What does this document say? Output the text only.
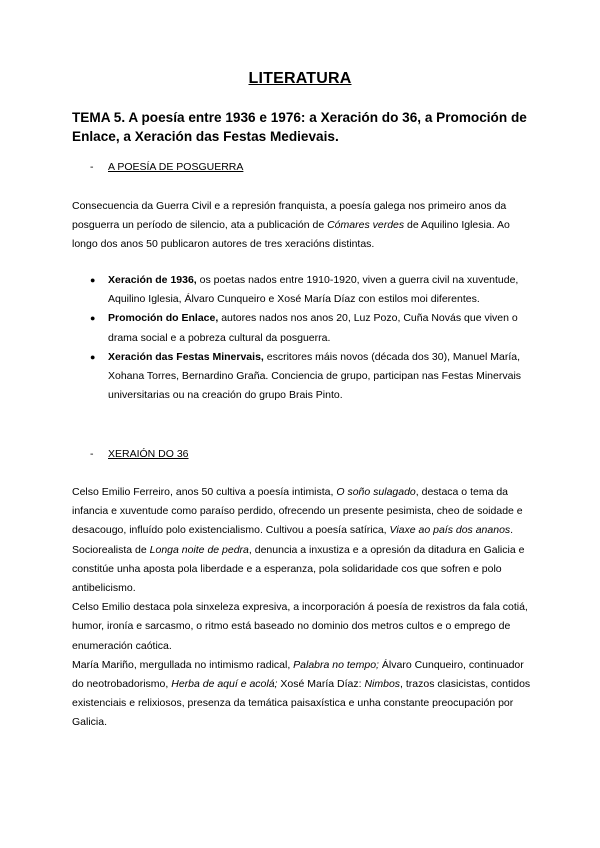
LITERATURA
TEMA 5. A poesía entre 1936 e 1976: a Xeración do 36, a Promoción de Enlace, a Xeración das Festas Medievais.
- A POESÍA DE POSGUERRA
Consecuencia da Guerra Civil e a represión franquista, a poesía galega nos primeiro anos da posguerra un período de silencio, ata a publicación de Cómares verdes de Aquilino Iglesia. Ao longo dos anos 50 publicaron autores de tres xeracións distintas.
● Xeración de 1936, os poetas nados entre 1910-1920, viven a guerra civil na xuventude, Aquilino Iglesia, Álvaro Cunqueiro e Xosé María Díaz con estilos moi diferentes.
● Promoción do Enlace, autores nados nos anos 20, Luz Pozo, Cuña Novás que viven o drama social e a pobreza cultural da posguerra.
● Xeración das Festas Minervais, escritores máis novos (década dos 30), Manuel María, Xohana Torres, Bernardino Graña. Conciencia de grupo, participan nas Festas Minervais universitarias ou na creación do grupo Brais Pinto.
- XERAIÓN DO 36
Celso Emilio Ferreiro, anos 50 cultiva a poesía intimista, O soño sulagado, destaca o tema da infancia e xuventude como paraíso perdido, ofrecendo un presente pesimista, cheo de soidade e desacougo, influído polo existencialismo. Cultivou a poesía satírica, Viaxe ao país dos ananos.
Sociorealista de Longa noite de pedra, denuncia a inxustiza e a opresión da ditadura en Galicia e constitúe unha aposta pola liberdade e a esperanza, pola solidaridade cos que sofren e polo antibelicismo.
Celso Emilio destaca pola sinxeleza expresiva, a incorporación á poesía de rexistros da fala cotiá, humor, ironía e sarcasmo, o ritmo está baseado no dominio dos metros cultos e o emprego de enumeración caótica.
María Mariño, mergullada no intimismo radical, Palabra no tempo; Álvaro Cunqueiro, continuador do neotrobadorismo, Herba de aquí e acolá; Xosé María Díaz: Nimbos, trazos clasicistas, contidos existenciais e relixiosos, presenza da temática paisaxística e unha constante preocupación por Galicia.
